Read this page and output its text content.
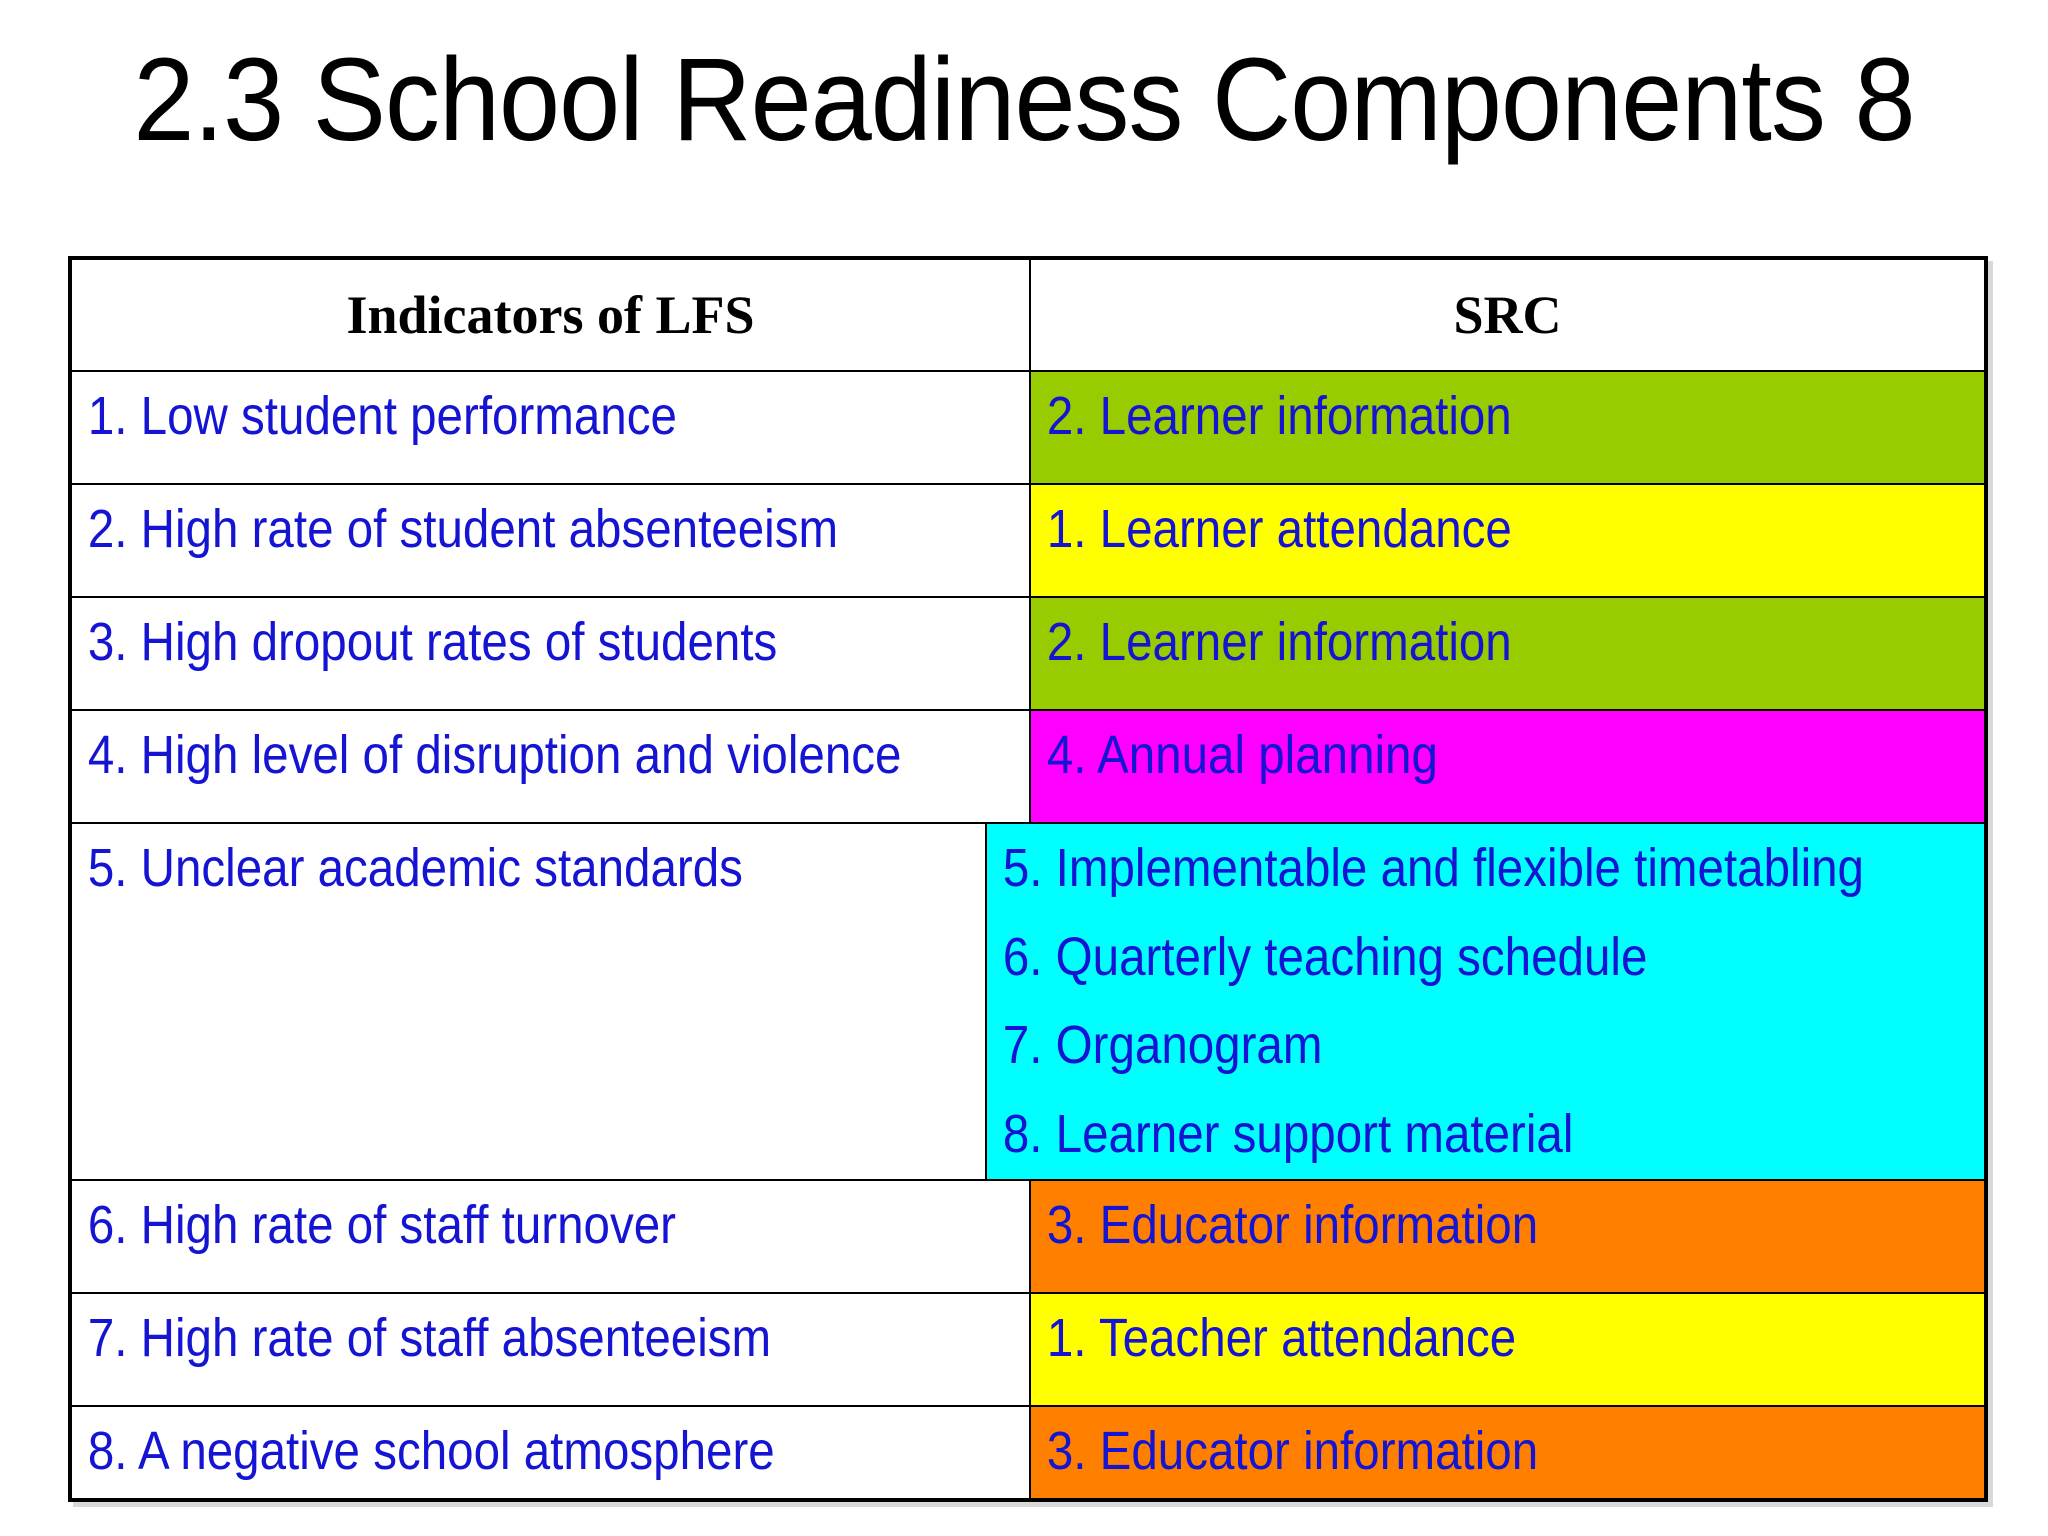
2.3 School Readiness Components 8
Indicators of LFS	SRC
1. Low student performance	2. Learner information
2. High rate of student absenteeism	1. Learner attendance
3. High dropout rates of students	2. Learner information
4. High level of disruption and violence	4. Annual planning
5. Unclear academic standards	5. Implementable and flexible timetabling
6. Quarterly teaching schedule
7. Organogram
8. Learner support material
6. High rate of staff turnover	3. Educator information
7. High rate of staff absenteeism	1. Teacher attendance
8. A negative school atmosphere	3. Educator information
